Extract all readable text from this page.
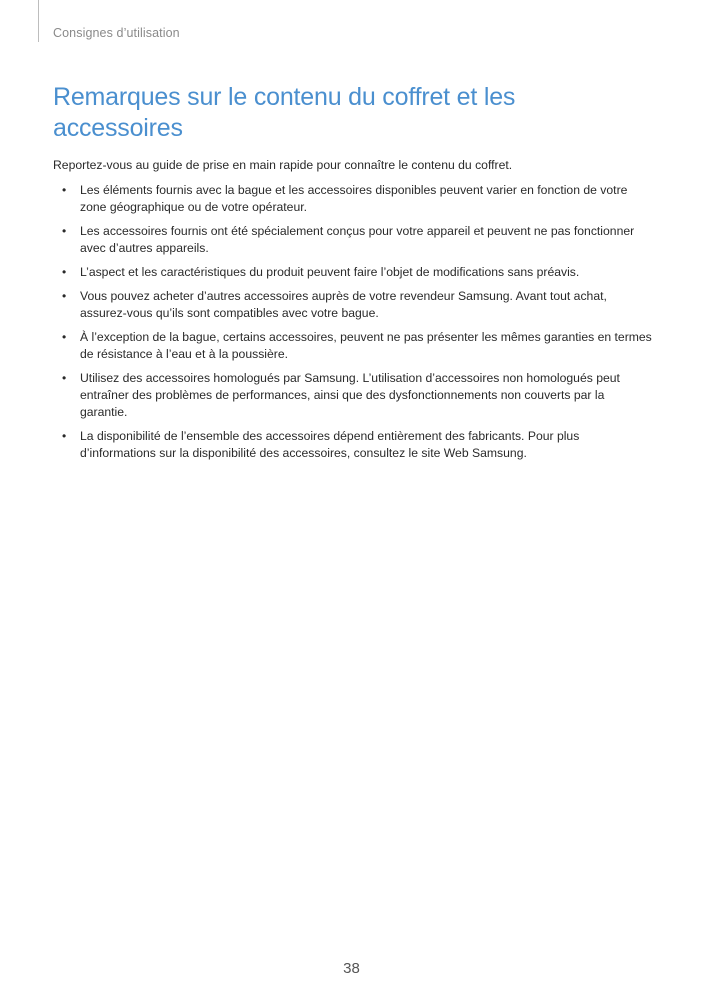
Consignes d’utilisation
Remarques sur le contenu du coffret et les accessoires

Reportez-vous au guide de prise en main rapide pour connaître le contenu du coffret.

• Les éléments fournis avec la bague et les accessoires disponibles peuvent varier en fonction de votre zone géographique ou de votre opérateur.
• Les accessoires fournis ont été spécialement conçus pour votre appareil et peuvent ne pas fonctionner avec d’autres appareils.
• L’aspect et les caractéristiques du produit peuvent faire l’objet de modifications sans préavis.
• Vous pouvez acheter d’autres accessoires auprès de votre revendeur Samsung. Avant tout achat, assurez-vous qu’ils sont compatibles avec votre bague.
• À l’exception de la bague, certains accessoires, peuvent ne pas présenter les mêmes garanties en termes de résistance à l’eau et à la poussière.
• Utilisez des accessoires homologués par Samsung. L’utilisation d’accessoires non homologués peut entraîner des problèmes de performances, ainsi que des dysfonctionnements non couverts par la garantie.
• La disponibilité de l’ensemble des accessoires dépend entièrement des fabricants. Pour plus d’informations sur la disponibilité des accessoires, consultez le site Web Samsung.
38
